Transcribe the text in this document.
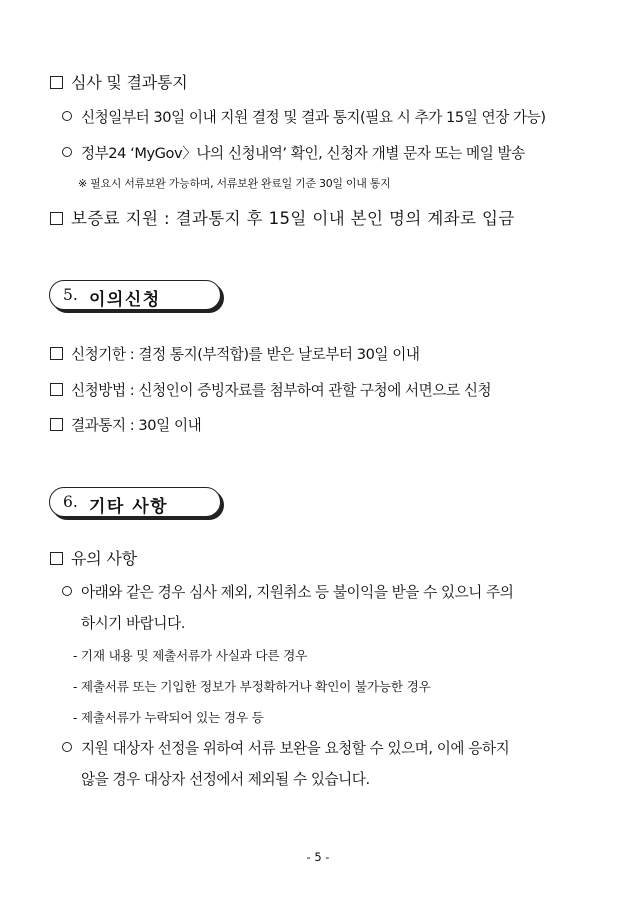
심사 및 결과통지
신청일부터 30일 이내 지원 결정 및 결과 통지(필요 시 추가 15일 연장 가능)
정부24 ‘MyGov〉나의 신청내역’ 확인, 신청자 개별 문자 또는 메일 발송
※ 필요시 서류보완 가능하며, 서류보완 완료일 기준 30일 이내 통지
보증료 지원 : 결과통지 후 15일 이내 본인 명의 계좌로 입금
5. 이의신청
신청기한 : 결정 통지(부적합)를 받은 날로부터 30일 이내
신청방법 : 신청인이 증빙자료를 첨부하여 관할 구청에 서면으로 신청
결과통지 : 30일 이내
6. 기타 사항
유의 사항
아래와 같은 경우 심사 제외, 지원취소 등 불이익을 받을 수 있으니 주의
하시기 바랍니다.
- 기재 내용 및 제출서류가 사실과 다른 경우
- 제출서류 또는 기입한 정보가 부정확하거나 확인이 불가능한 경우
- 제출서류가 누락되어 있는 경우 등
지원 대상자 선정을 위하여 서류 보완을 요청할 수 있으며, 이에 응하지
않을 경우 대상자 선정에서 제외될 수 있습니다.
- 5 -
